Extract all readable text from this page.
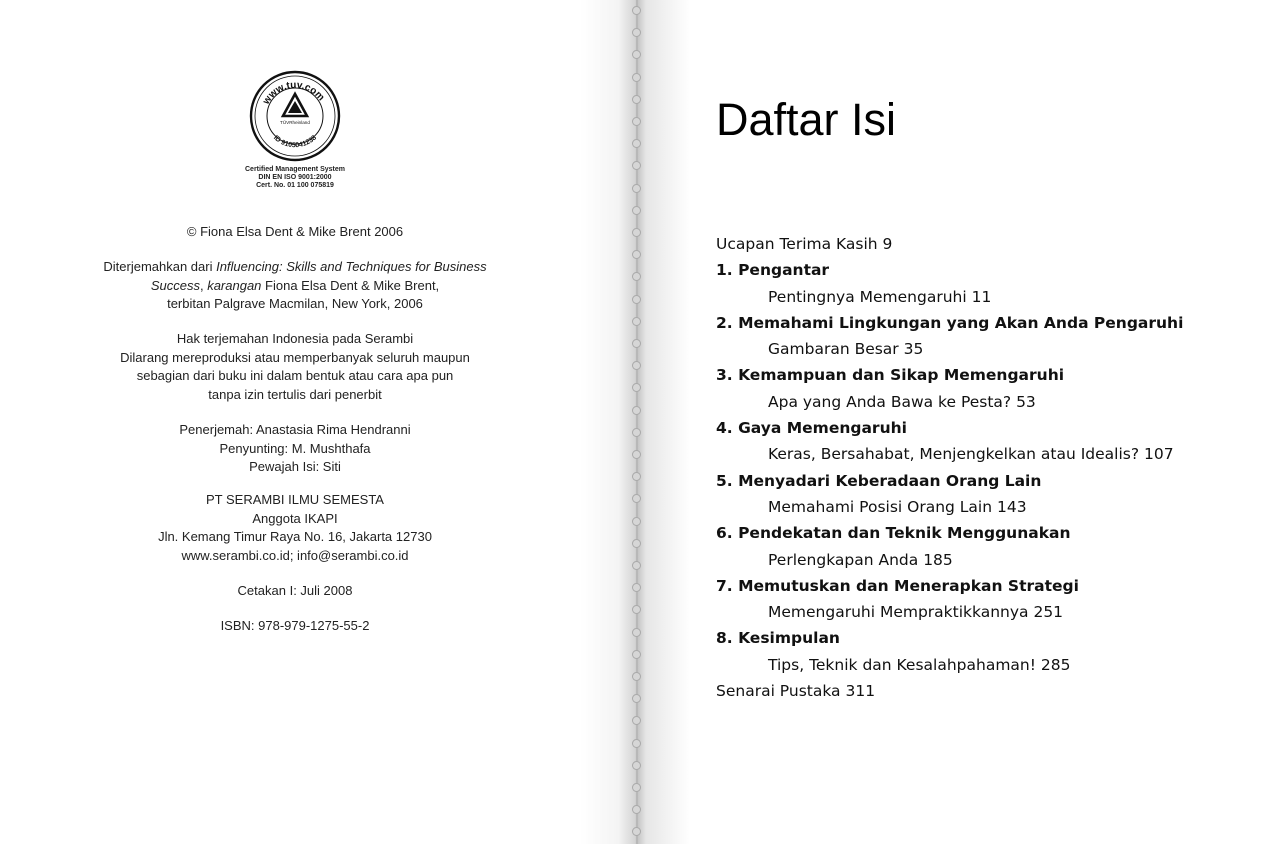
www.tuv.com
ID 9105041238
TÜVRheinland
Certified Management System
DIN EN ISO 9001:2000
Cert. No. 01 100 075819
© Fiona Elsa Dent & Mike Brent 2006
Diterjemahkan dari Influencing: Skills and Techniques for Business
Success, karangan Fiona Elsa Dent & Mike Brent,
terbitan Palgrave Macmilan, New York, 2006
Hak terjemahan Indonesia pada Serambi
Dilarang mereproduksi atau memperbanyak seluruh maupun
sebagian dari buku ini dalam bentuk atau cara apa pun
tanpa izin tertulis dari penerbit
Penerjemah: Anastasia Rima Hendranni
Penyunting: M. Mushthafa
Pewajah Isi: Siti
PT SERAMBI ILMU SEMESTA
Anggota IKAPI
Jln. Kemang Timur Raya No. 16, Jakarta 12730
www.serambi.co.id; info@serambi.co.id
Cetakan I: Juli 2008
ISBN: 978-979-1275-55-2
Daftar Isi
Ucapan Terima Kasih 9
1. Pengantar
Pentingnya Memengaruhi 11
2. Memahami Lingkungan yang Akan Anda Pengaruhi
Gambaran Besar 35
3. Kemampuan dan Sikap Memengaruhi
Apa yang Anda Bawa ke Pesta? 53
4. Gaya Memengaruhi
Keras, Bersahabat, Menjengkelkan atau Idealis? 107
5. Menyadari Keberadaan Orang Lain
Memahami Posisi Orang Lain 143
6. Pendekatan dan Teknik Menggunakan
Perlengkapan Anda 185
7. Memutuskan dan Menerapkan Strategi
Memengaruhi Mempraktikkannya 251
8. Kesimpulan
Tips, Teknik dan Kesalahpahaman! 285
Senarai Pustaka 311
